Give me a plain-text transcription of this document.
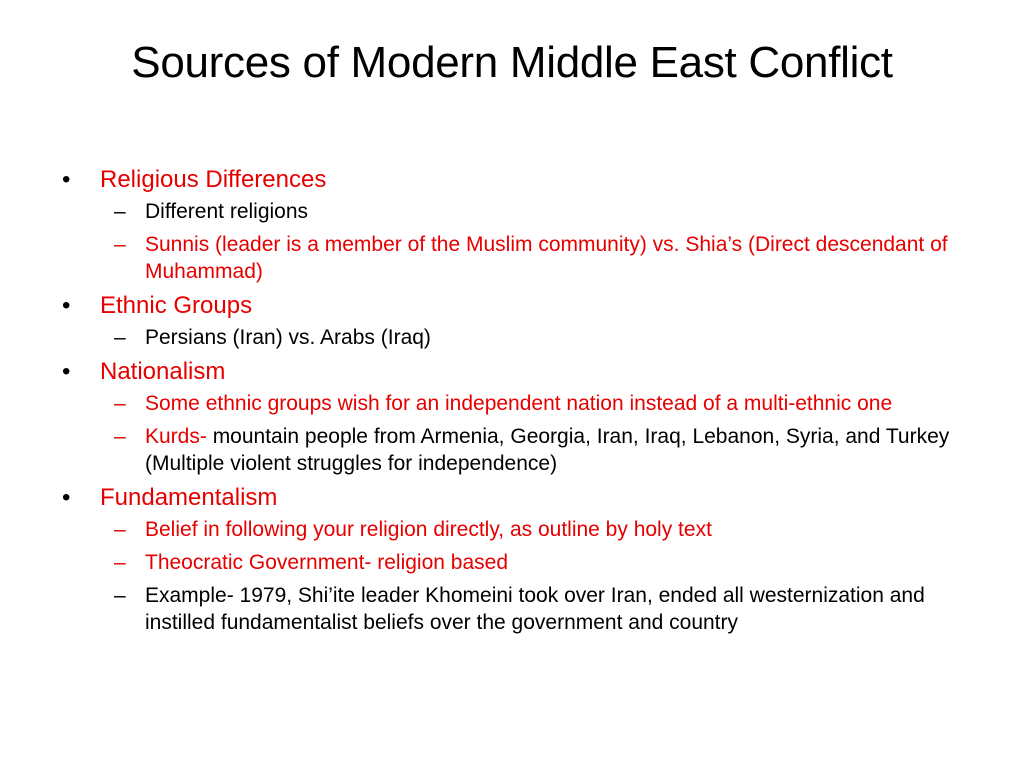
Sources of Modern Middle East Conflict
•	Religious Differences
– Different religions
– Sunnis (leader is a member of the Muslim community) vs. Shia’s (Direct descendant of Muhammad)
•	Ethnic Groups
– Persians (Iran) vs. Arabs (Iraq)
•	Nationalism
– Some ethnic groups wish for an independent nation instead of a multi-ethnic one
– Kurds- mountain people from Armenia, Georgia, Iran, Iraq, Lebanon, Syria, and Turkey (Multiple violent struggles for independence)
•	Fundamentalism
– Belief in following your religion directly, as outline by holy text
– Theocratic Government- religion based
– Example- 1979, Shi’ite leader Khomeini took over Iran, ended all westernization and instilled fundamentalist beliefs over the government and country
